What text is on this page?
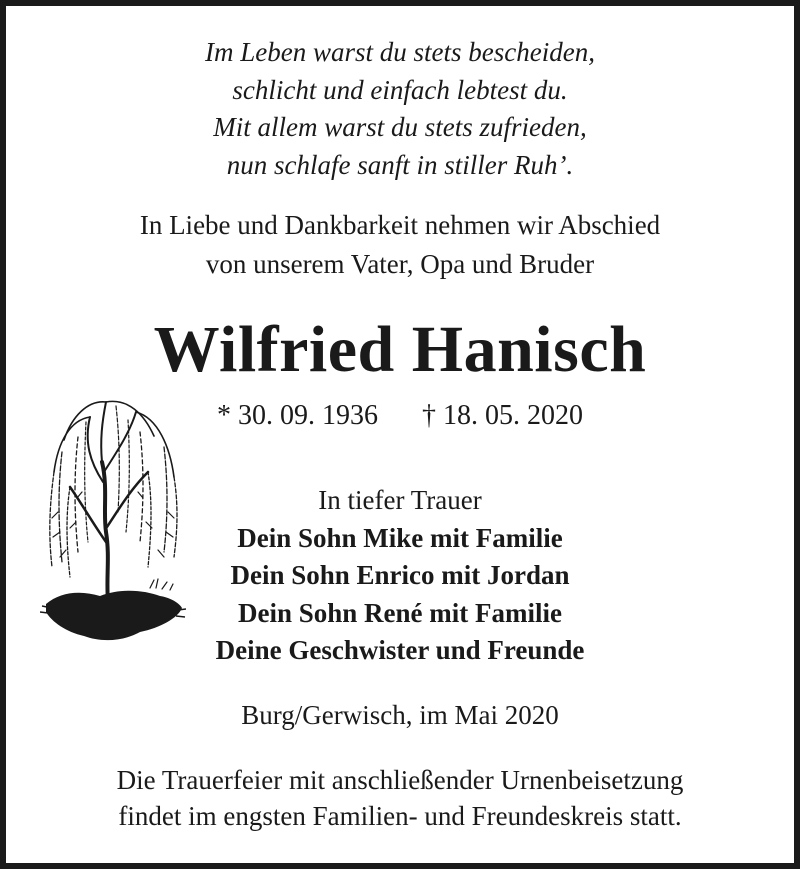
Im Leben warst du stets bescheiden,
schlicht und einfach lebtest du.
Mit allem warst du stets zufrieden,
nun schlafe sanft in stiller Ruh’.
In Liebe und Dankbarkeit nehmen wir Abschied
von unserem Vater, Opa und Bruder
Wilfried Hanisch
* 30. 09. 1936 † 18. 05. 2020
In tiefer Trauer
Dein Sohn Mike mit Familie
Dein Sohn Enrico mit Jordan
Dein Sohn René mit Familie
Deine Geschwister und Freunde
Burg/Gerwisch, im Mai 2020
Die Trauerfeier mit anschließender Urnenbeisetzung
findet im engsten Familien- und Freundeskreis statt.
